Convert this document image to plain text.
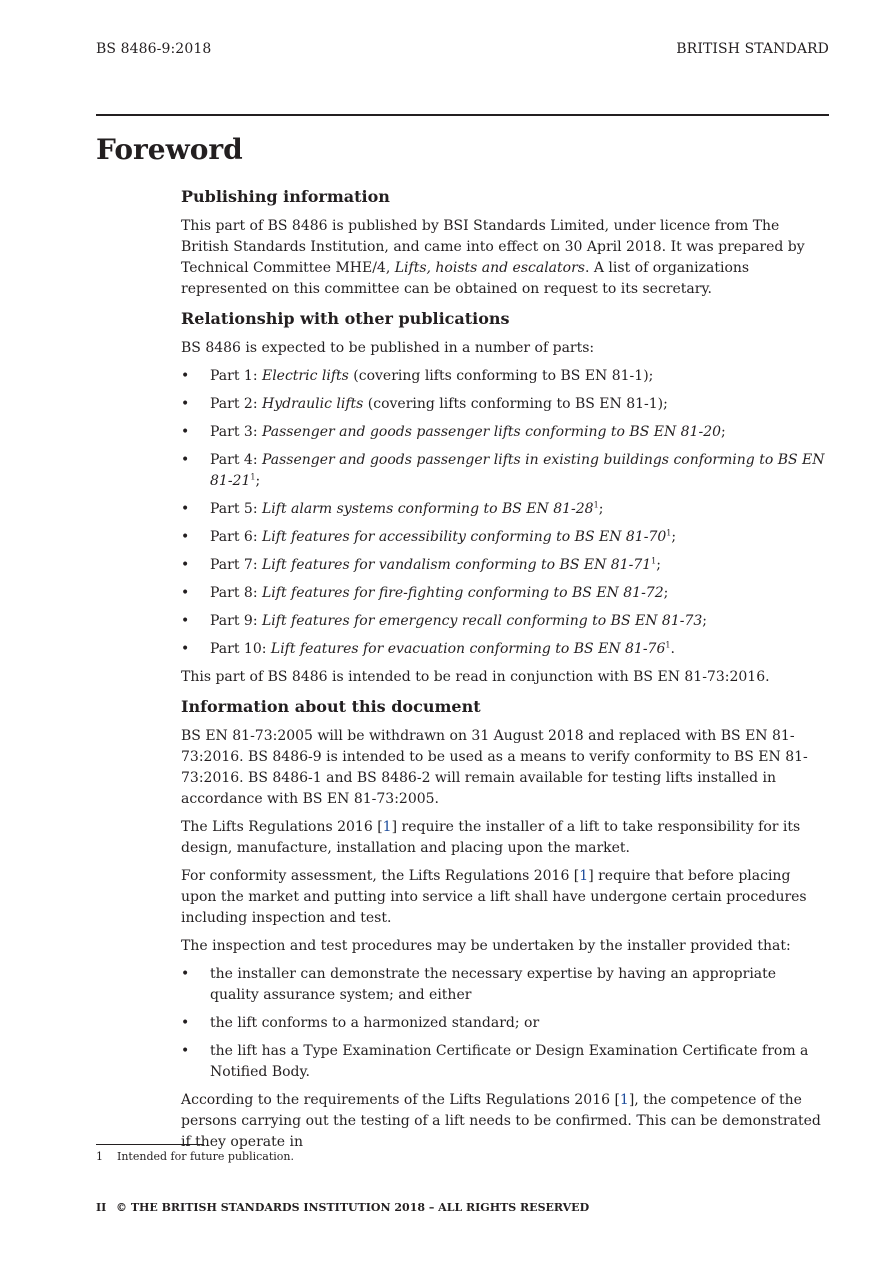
BS 8486-9:2018	BRITISH STANDARD
Foreword
Publishing information

This part of BS 8486 is published by BSI Standards Limited, under licence from The British Standards Institution, and came into effect on 30 April 2018. It was prepared by Technical Committee MHE/4, Lifts, hoists and escalators. A list of organizations represented on this committee can be obtained on request to its secretary.

Relationship with other publications

BS 8486 is expected to be published in a number of parts:

• Part 1: Electric lifts (covering lifts conforming to BS EN 81-1);
• Part 2: Hydraulic lifts (covering lifts conforming to BS EN 81-1);
• Part 3: Passenger and goods passenger lifts conforming to BS EN 81-20;
• Part 4: Passenger and goods passenger lifts in existing buildings conforming to BS EN $81-21^1$;
• Part 5: Lift alarm systems conforming to BS EN $81-28^1$;
• Part 6: Lift features for accessibility conforming to BS EN $81-70^1$;
• Part 7: Lift features for vandalism conforming to BS EN $81-71^1$;
• Part 8: Lift features for fire-fighting conforming to BS EN 81-72;
• Part 9: Lift features for emergency recall conforming to BS EN 81-73;
• Part 10: Lift features for evacuation conforming to BS EN $81-76^1$.

This part of BS 8486 is intended to be read in conjunction with BS EN 81-73:2016.

Information about this document

BS EN 81-73:2005 will be withdrawn on 31 August 2018 and replaced with BS EN 81-73:2016. BS 8486-9 is intended to be used as a means to verify conformity to BS EN 81-73:2016. BS 8486-1 and BS 8486-2 will remain available for testing lifts installed in accordance with BS EN 81-73:2005.

The Lifts Regulations 2016 [1] require the installer of a lift to take responsibility for its design, manufacture, installation and placing upon the market.

For conformity assessment, the Lifts Regulations 2016 [1] require that before placing upon the market and putting into service a lift shall have undergone certain procedures including inspection and test.

The inspection and test procedures may be undertaken by the installer provided that:

• the installer can demonstrate the necessary expertise by having an appropriate quality assurance system; and either
• the lift conforms to a harmonized standard; or
• the lift has a Type Examination Certificate or Design Examination Certificate from a Notified Body.

According to the requirements of the Lifts Regulations 2016 [1], the competence of the persons carrying out the testing of a lift needs to be confirmed. This can be demonstrated if they operate in

1 Intended for future publication.
II © THE BRITISH STANDARDS INSTITUTION 2018 – ALL RIGHTS RESERVED
